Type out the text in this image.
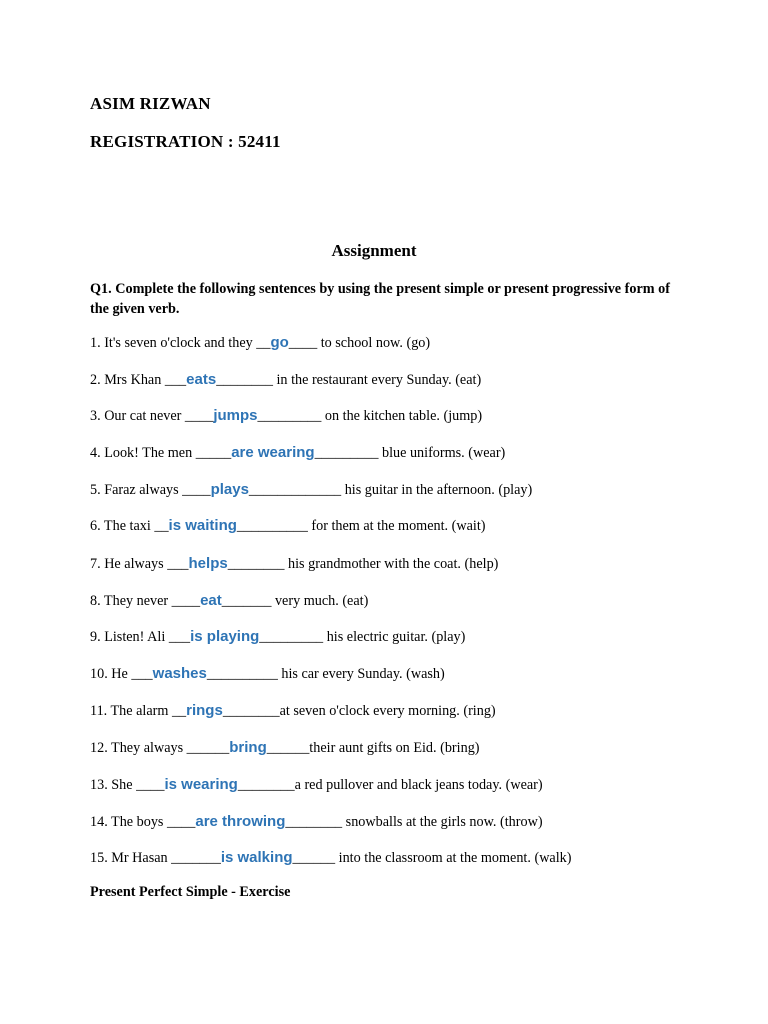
ASIM RIZWAN
REGISTRATION : 52411
Assignment
Q1. Complete the following sentences by using the present simple or present progressive form of the given verb.
1. It's seven o'clock and they __go____ to school now. (go)
2. Mrs Khan ___eats________ in the restaurant every Sunday. (eat)
3. Our cat never ____jumps_________ on the kitchen table. (jump)
4. Look! The men _____are wearing_________ blue uniforms. (wear)
5. Faraz always ____plays_____________ his guitar in the afternoon. (play)
6. The taxi __is waiting__________ for them at the moment. (wait)
7. He always ___helps________ his grandmother with the coat. (help)
8. They never ____eat_______ very much. (eat)
9. Listen! Ali ___is playing_________ his electric guitar. (play)
10. He ___washes__________ his car every Sunday. (wash)
11. The alarm __rings________at seven o'clock every morning. (ring)
12. They always ______bring______their aunt gifts on Eid. (bring)
13. She ____is wearing________a red pullover and black jeans today. (wear)
14. The boys ____are throwing________ snowballs at the girls now. (throw)
15. Mr Hasan _______is walking______ into the classroom at the moment. (walk)
Present Perfect Simple - Exercise
